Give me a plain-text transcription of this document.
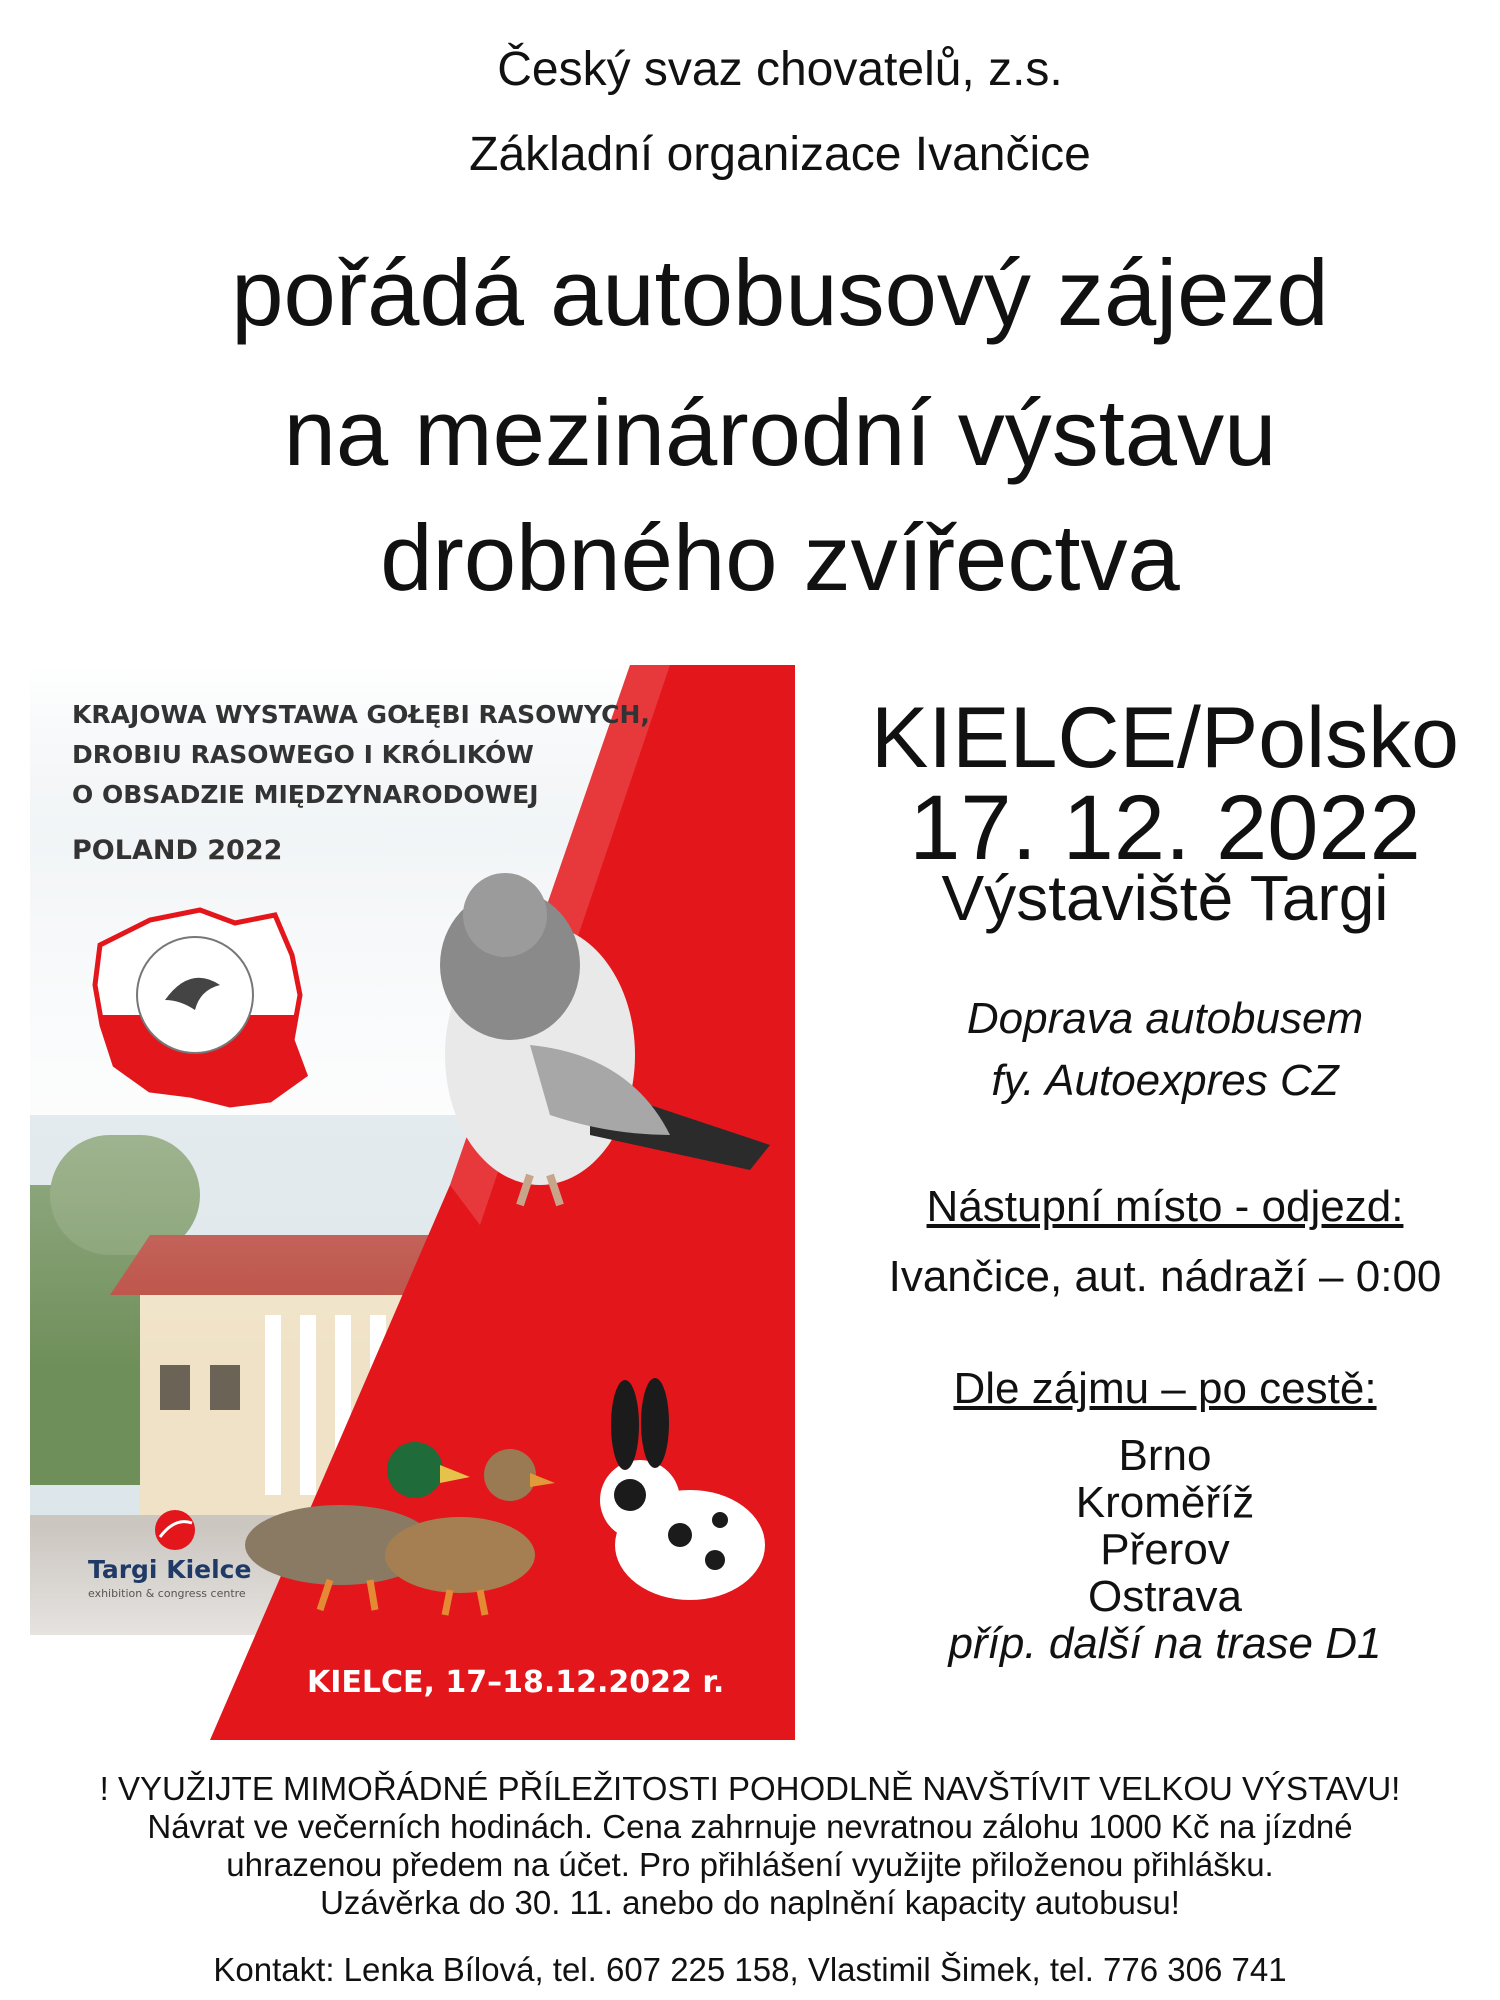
Český svaz chovatelů, z.s.
Základní organizace Ivančice
pořádá autobusový zájezd
na mezinárodní výstavu
drobného zvířectva
KRAJOWA WYSTAWA GOŁĘBI RASOWYCH,
DROBIU RASOWEGO I KRÓLIKÓW
O OBSADZIE MIĘDZYNARODOWEJ
POLAND 2022
Targi Kielce
exhibition & congress centre
KIELCE, 17–18.12.2022 r.
KIELCE/Polsko
17. 12. 2022
Výstaviště Targi
Doprava autobusem
fy. Autoexpres CZ
Nástupní místo - odjezd:
Ivančice, aut. nádraží – 0:00
Dle zájmu – po cestě:
Brno
Kroměříž
Přerov
Ostrava
příp. další na trase D1
! VYUŽIJTE MIMOŘÁDNÉ PŘÍLEŽITOSTI POHODLNĚ NAVŠTÍVIT VELKOU VÝSTAVU!
Návrat ve večerních hodinách. Cena zahrnuje nevratnou zálohu 1000 Kč na jízdné
uhrazenou předem na účet. Pro přihlášení využijte přiloženou přihlášku.
Uzávěrka do 30. 11. anebo do naplnění kapacity autobusu!
Kontakt: Lenka Bílová, tel. 607 225 158, Vlastimil Šimek, tel. 776 306 741
